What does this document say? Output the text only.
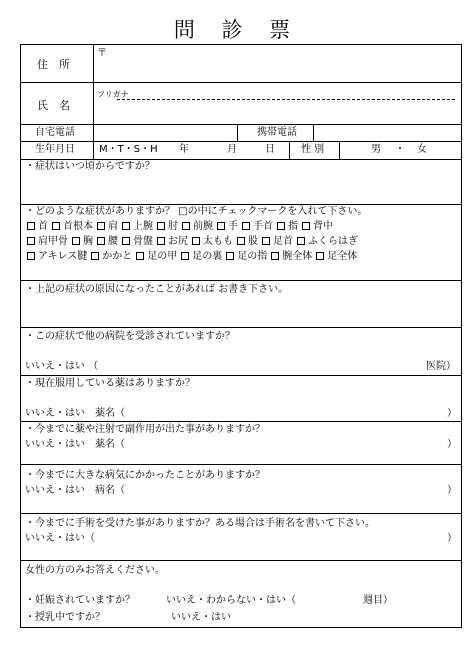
問 診 票
住　所
〒
氏　名
フリガナ
自宅電話	携帯電話
生年月日 M・T・S・H 年	月	日	性 別	男 ・ 女
・症状はいつ頃からですか？
・どのような症状がありますか？ □の中にチェックマークを入れて下さい。
首 首根本 肩 上腕 肘 前腕 手 手首 指 背中
肩甲骨 胸 腰 骨盤 お尻 太もも 股 足首 ふくらはぎ
アキレス腱 かかと 足の甲 足の裏 足の指 腕全体 足全体
・上記の症状の原因になったことがあれば お書き下さい。
・この症状で他の病院を受診されていますか？
いいえ・はい （	医院）
・現在服用している薬はありますか？
いいえ・はい　薬名（	）
・今までに薬や注射で副作用が出た事がありますか？
いいえ・はい　薬名（	）
・今までに大きな病気にかかったことがありますか？
いいえ・はい　病名（	）
・今までに手術を受けた事がありますか？ある場合は手術名を書いて下さい。
いいえ・はい（	）
女性の方のみお答えください。
・妊娠されていますか？	いいえ・わからない・はい（	週目）
・授乳中ですか？	いいえ・はい
